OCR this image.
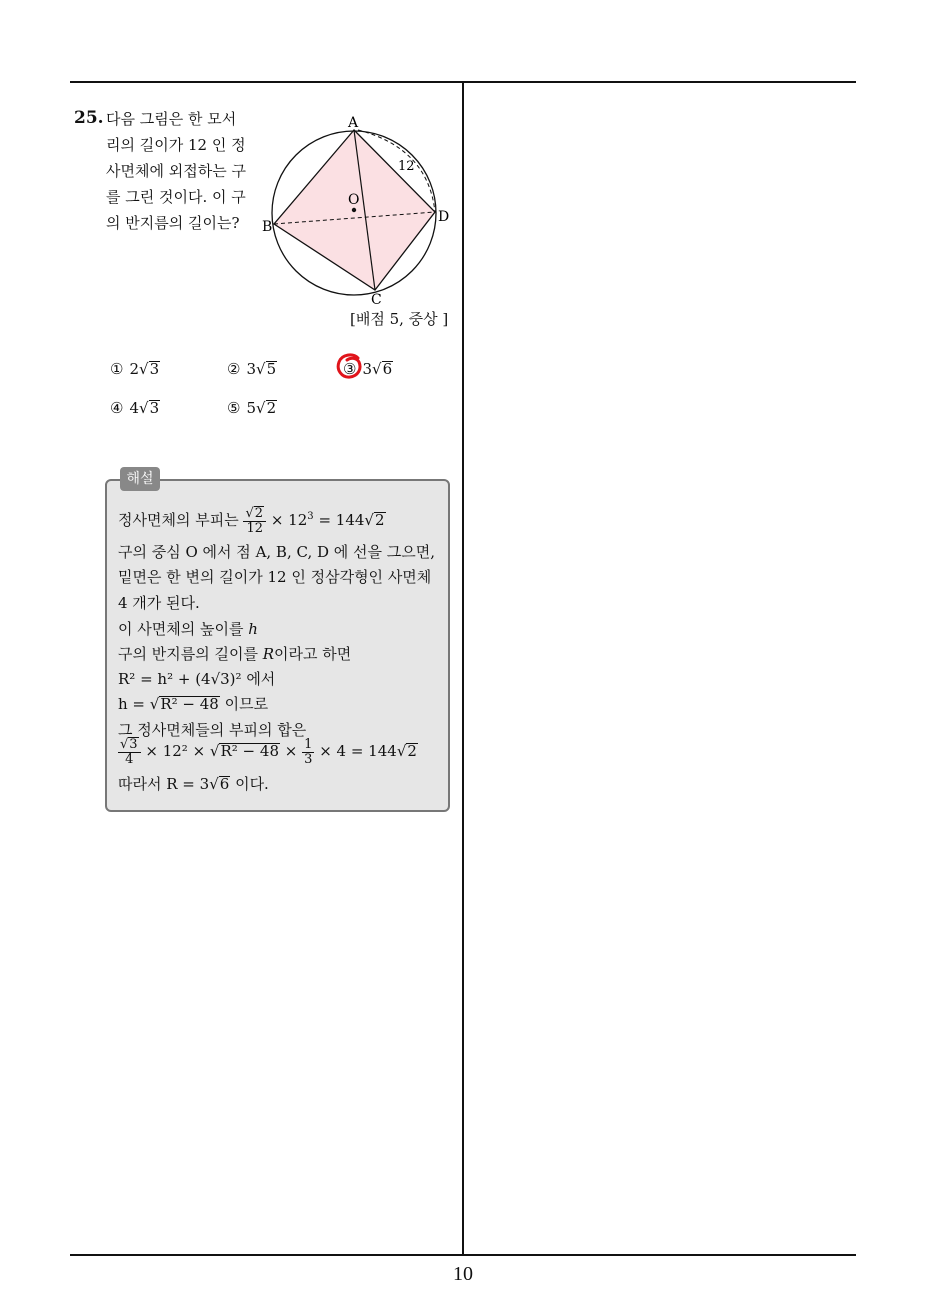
10
25. 다음 그림은 한 모서
리의 길이가 12 인 정
사면체에 외접하는 구
를 그린 것이다. 이 구
의 반지름의 길이는?
A
B
C
D
O
12
[배점 5, 중상 ]
① 2√3	② 3√5	③ 3√6
④ 4√3	⑤ 5√2
해설
정사면체의 부피는 $\frac{√2}{12} \times 12^3 = 144√2$
구의 중심 O 에서 점 A, B, C, D 에 선을 그으면,
밑면은 한 변의 길이가 12 인 정삼각형인 사면체
4 개가 된다.
이 사면체의 높이를 h
구의 반지름의 길이를 R이라고 하면
R² = h² + (4√3)² 에서
h = √R² − 48 이므로
그 정사면체들의 부피의 합은
$\frac{√3}{4} \times 12^2 \times √R^2 - 48 \times \frac{1}{3} \times 4 = 144√2$
따라서 R = 3√6 이다.
